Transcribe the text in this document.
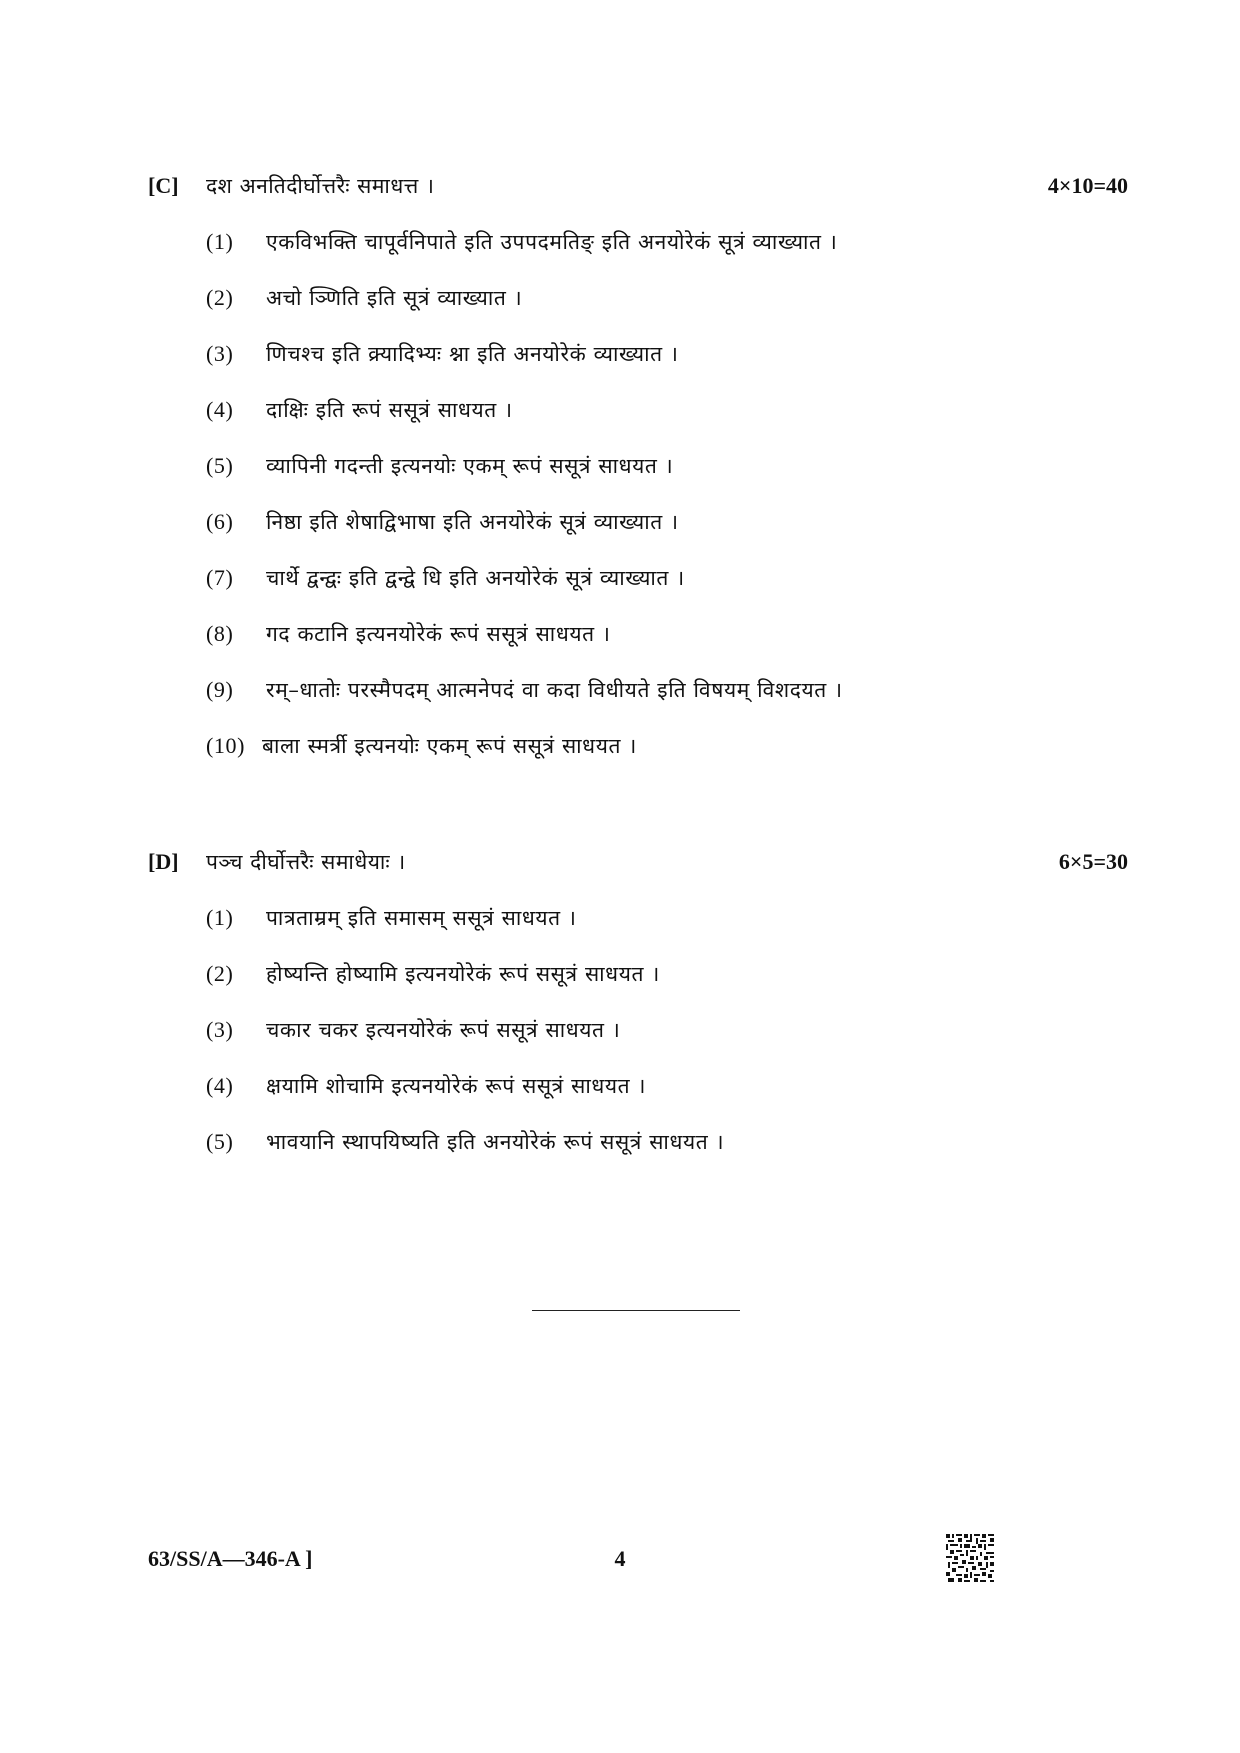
[C]	दश अनतिदीर्घोत्तरैः समाधत्त ।	4×10=40
(1)	एकविभक्ति चापूर्वनिपाते इति उपपदमतिङ् इति अनयोरेकं सूत्रं व्याख्यात ।
(2)	अचो ञ्णिति इति सूत्रं व्याख्यात ।
(3)	णिचश्च इति क्र्यादिभ्यः श्ना इति अनयोरेकं व्याख्यात ।
(4)	दाक्षिः इति रूपं ससूत्रं साधयत ।
(5)	व्यापिनी गदन्ती इत्यनयोः एकम् रूपं ससूत्रं साधयत ।
(6)	निष्ठा इति शेषाद्विभाषा इति अनयोरेकं सूत्रं व्याख्यात ।
(7)	चार्थे द्वन्द्वः इति द्वन्द्वे धि इति अनयोरेकं सूत्रं व्याख्यात ।
(8)	गद कटानि इत्यनयोरेकं रूपं ससूत्रं साधयत ।
(9)	रम्–धातोः परस्मैपदम् आत्मनेपदं वा कदा विधीयते इति विषयम् विशदयत ।
(10) बाला स्मर्त्री इत्यनयोः एकम् रूपं ससूत्रं साधयत ।
[D]	पञ्च दीर्घोत्तरैः समाधेयाः ।	6×5=30
(1)	पात्रताम्रम् इति समासम् ससूत्रं साधयत ।
(2)	होष्यन्ति होष्यामि इत्यनयोरेकं रूपं ससूत्रं साधयत ।
(3)	चकार चकर इत्यनयोरेकं रूपं ससूत्रं साधयत ।
(4)	क्षयामि शोचामि इत्यनयोरेकं रूपं ससूत्रं साधयत ।
(5)	भावयानि स्थापयिष्यति इति अनयोरेकं रूपं ससूत्रं साधयत ।
63/SS/A—346-A ]	4
